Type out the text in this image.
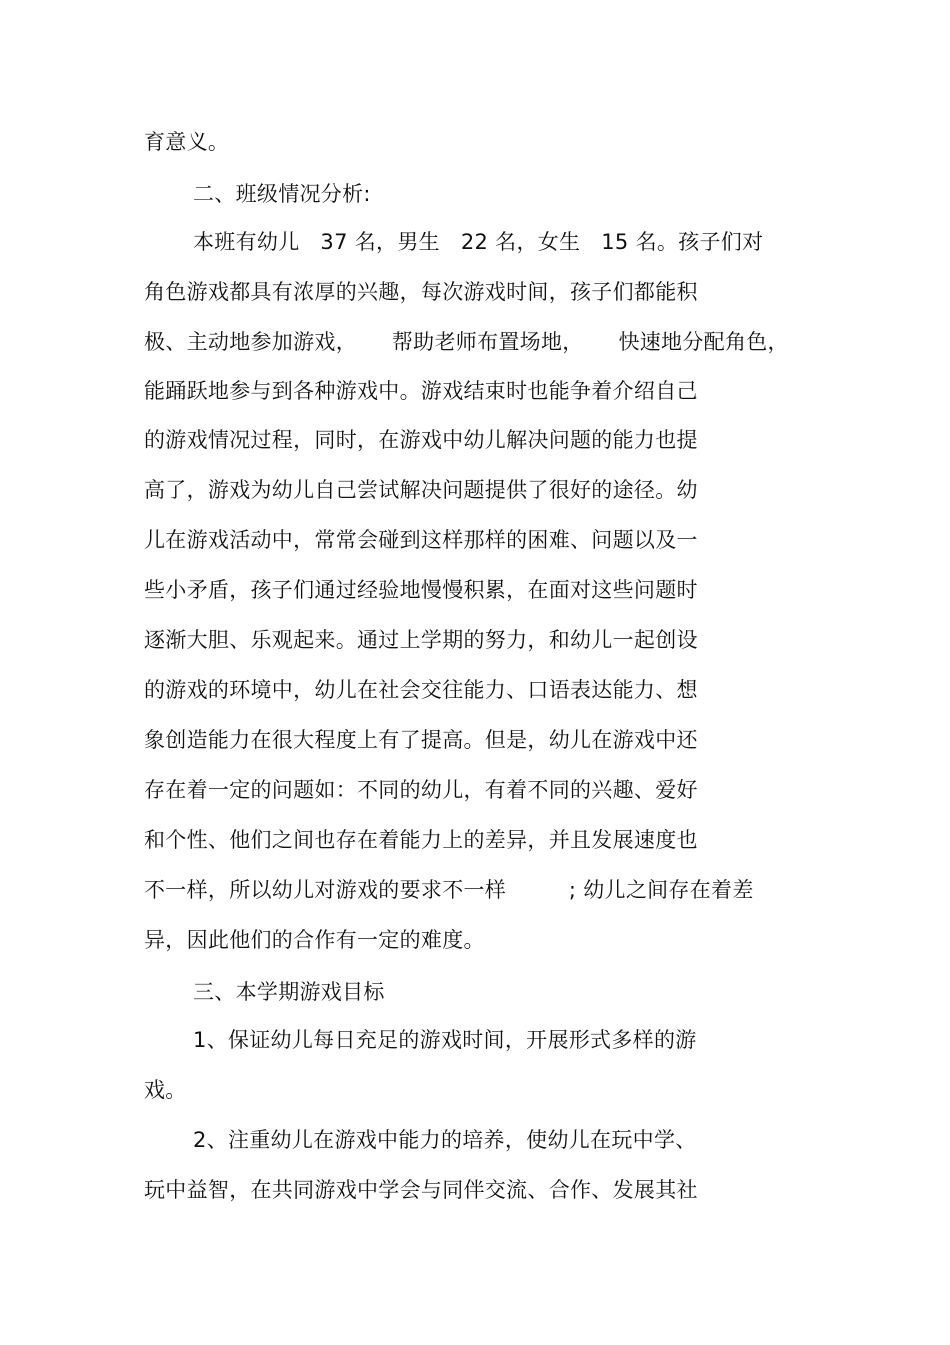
育意义。
二、班级情况分析:
本班有幼儿   37 名，男生   22 名，女生   15 名。孩子们对
角色游戏都具有浓厚的兴趣，每次游戏时间，孩子们都能积
极、主动地参加游戏，     帮助老师布置场地，     快速地分配角色，
能踊跃地参与到各种游戏中。游戏结束时也能争着介绍自己
的游戏情况过程，同时，在游戏中幼儿解决问题的能力也提
高了，游戏为幼儿自己尝试解决问题提供了很好的途径。幼
儿在游戏活动中，常常会碰到这样那样的困难、问题以及一
些小矛盾，孩子们通过经验地慢慢积累，在面对这些问题时
逐渐大胆、乐观起来。通过上学期的努力，和幼儿一起创设
的游戏的环境中，幼儿在社会交往能力、口语表达能力、想
象创造能力在很大程度上有了提高。但是，幼儿在游戏中还
存在着一定的问题如：不同的幼儿，有着不同的兴趣、爱好
和个性、他们之间也存在着能力上的差异，并且发展速度也
不一样，所以幼儿对游戏的要求不一样         ; 幼儿之间存在着差
异，因此他们的合作有一定的难度。
三、本学期游戏目标
1、保证幼儿每日充足的游戏时间，开展形式多样的游
戏。
2、注重幼儿在游戏中能力的培养，使幼儿在玩中学、
玩中益智，在共同游戏中学会与同伴交流、合作、发展其社
